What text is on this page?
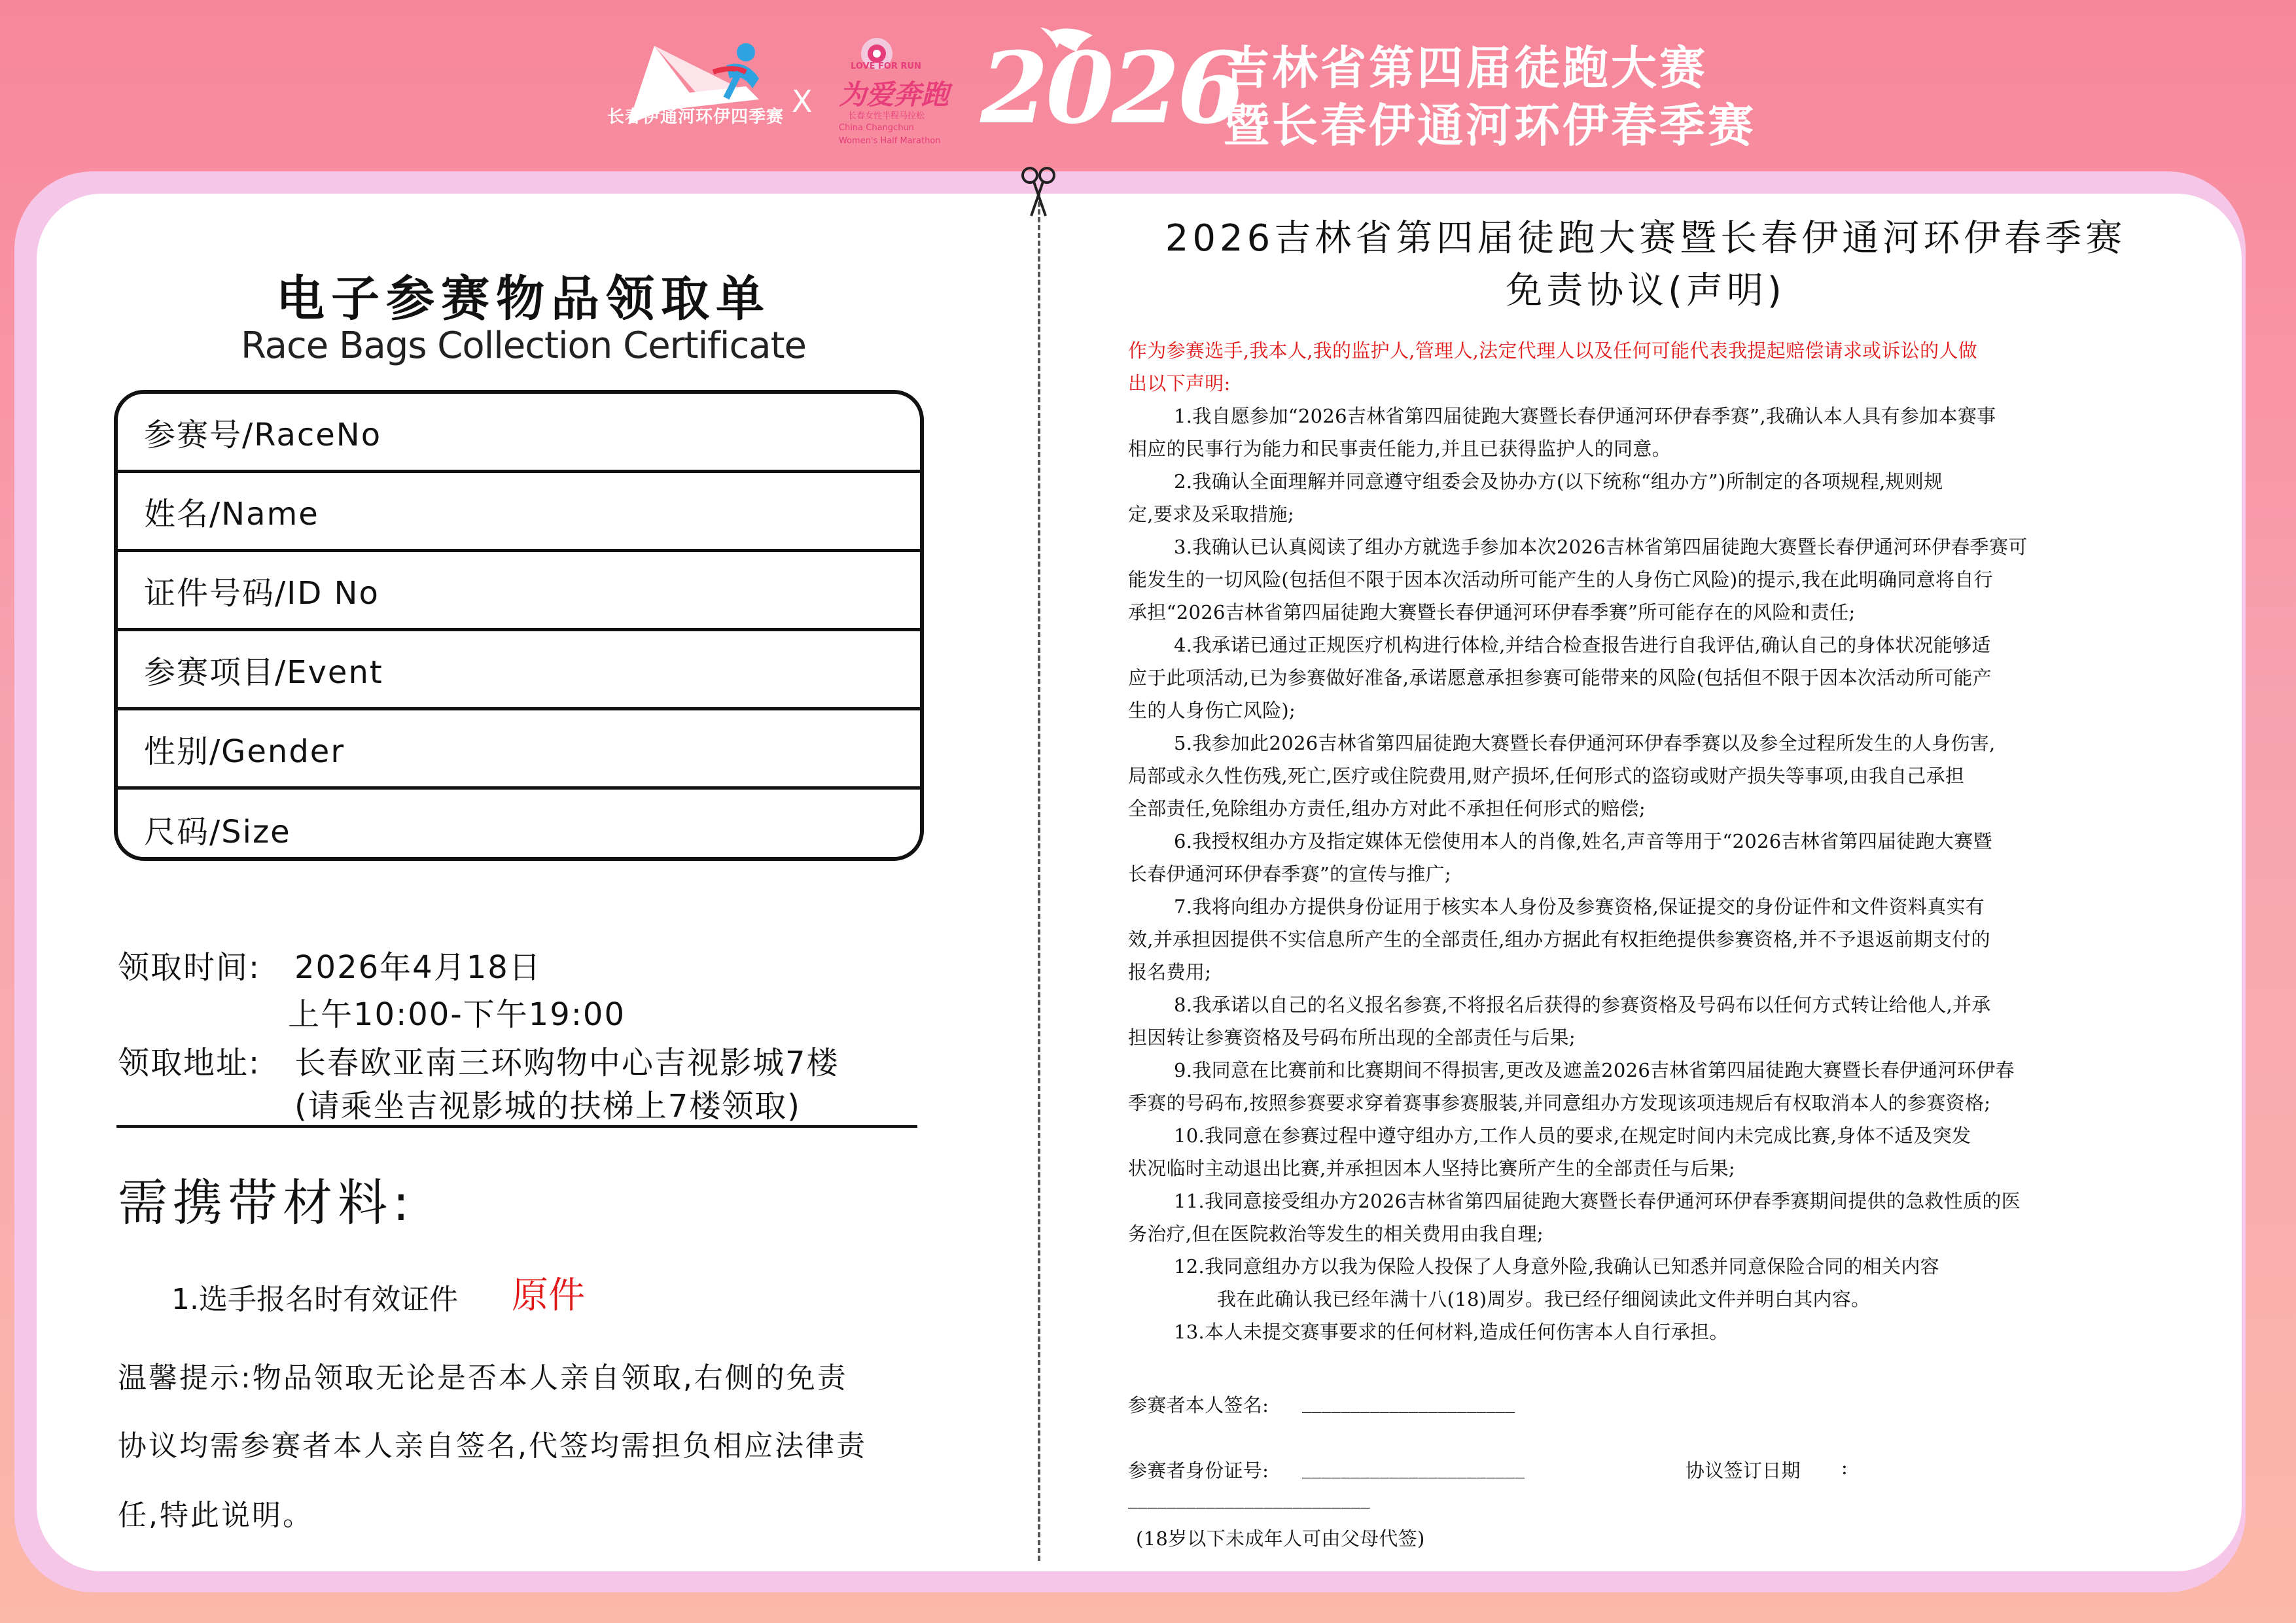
长春伊通河环伊四季赛 X
LOVE FOR RUN
为爱奔跑
长春女性半程马拉松
China Changchun
Women's Half Marathon 2026
吉林省第四届徒跑大赛
暨长春伊通河环伊春季赛
电子参赛物品领取单
Race Bags Collection Certificate
参赛号/RaceNo
姓名/Name
证件号码/ID No
参赛项目/Event
性别/Gender
尺码/Size
领取时间: 2026年4月18日
上午10:00-下午19:00
领取地址: 长春欧亚南三环购物中心吉视影城7楼
(请乘坐吉视影城的扶梯上7楼领取)
需携带材料:
1.选手报名时有效证件 原件
温馨提示:物品领取无论是否本人亲自领取,右侧的免责
协议均需参赛者本人亲自签名,代签均需担负相应法律责
任,特此说明。
2026吉林省第四届徒跑大赛暨长春伊通河环伊春季赛
免责协议(声明)
作为参赛选手,我本人,我的监护人,管理人,法定代理人以及任何可能代表我提起赔偿请求或诉讼的人做
出以下声明:
1.我自愿参加“2026吉林省第四届徒跑大赛暨长春伊通河环伊春季赛”,我确认本人具有参加本赛事
相应的民事行为能力和民事责任能力,并且已获得监护人的同意。
2.我确认全面理解并同意遵守组委会及协办方(以下统称“组办方”)所制定的各项规程,规则规
定,要求及采取措施;
3.我确认已认真阅读了组办方就选手参加本次2026吉林省第四届徒跑大赛暨长春伊通河环伊春季赛可
能发生的一切风险(包括但不限于因本次活动所可能产生的人身伤亡风险)的提示,我在此明确同意将自行
承担“2026吉林省第四届徒跑大赛暨长春伊通河环伊春季赛”所可能存在的风险和责任;
4.我承诺已通过正规医疗机构进行体检,并结合检查报告进行自我评估,确认自己的身体状况能够适
应于此项活动,已为参赛做好准备,承诺愿意承担参赛可能带来的风险(包括但不限于因本次活动所可能产
生的人身伤亡风险);
5.我参加此2026吉林省第四届徒跑大赛暨长春伊通河环伊春季赛以及参全过程所发生的人身伤害,
局部或永久性伤残,死亡,医疗或住院费用,财产损坏,任何形式的盗窃或财产损失等事项,由我自己承担
全部责任,免除组办方责任,组办方对此不承担任何形式的赔偿;
6.我授权组办方及指定媒体无偿使用本人的肖像,姓名,声音等用于“2026吉林省第四届徒跑大赛暨
长春伊通河环伊春季赛”的宣传与推广;
7.我将向组办方提供身份证用于核实本人身份及参赛资格,保证提交的身份证件和文件资料真实有
效,并承担因提供不实信息所产生的全部责任,组办方据此有权拒绝提供参赛资格,并不予退返前期支付的
报名费用;
8.我承诺以自己的名义报名参赛,不将报名后获得的参赛资格及号码布以任何方式转让给他人,并承
担因转让参赛资格及号码布所出现的全部责任与后果;
9.我同意在比赛前和比赛期间不得损害,更改及遮盖2026吉林省第四届徒跑大赛暨长春伊通河环伊春
季赛的号码布,按照参赛要求穿着赛事参赛服装,并同意组办方发现该项违规后有权取消本人的参赛资格;
10.我同意在参赛过程中遵守组办方,工作人员的要求,在规定时间内未完成比赛,身体不适及突发
状况临时主动退出比赛,并承担因本人坚持比赛所产生的全部责任与后果;
11.我同意接受组办方2026吉林省第四届徒跑大赛暨长春伊通河环伊春季赛期间提供的急救性质的医
务治疗,但在医院救治等发生的相关费用由我自理;
12.我同意组办方以我为保险人投保了人身意外险,我确认已知悉并同意保险合同的相关内容
我在此确认我已经年满十八(18)周岁。我已经仔细阅读此文件并明白其内容。
13.本人未提交赛事要求的任何材料,造成任何伤害本人自行承担。
参赛者本人签名: ______________________
参赛者身份证号: _______________________	协议签订日期 :
_________________________
(18岁以下未成年人可由父母代签)
